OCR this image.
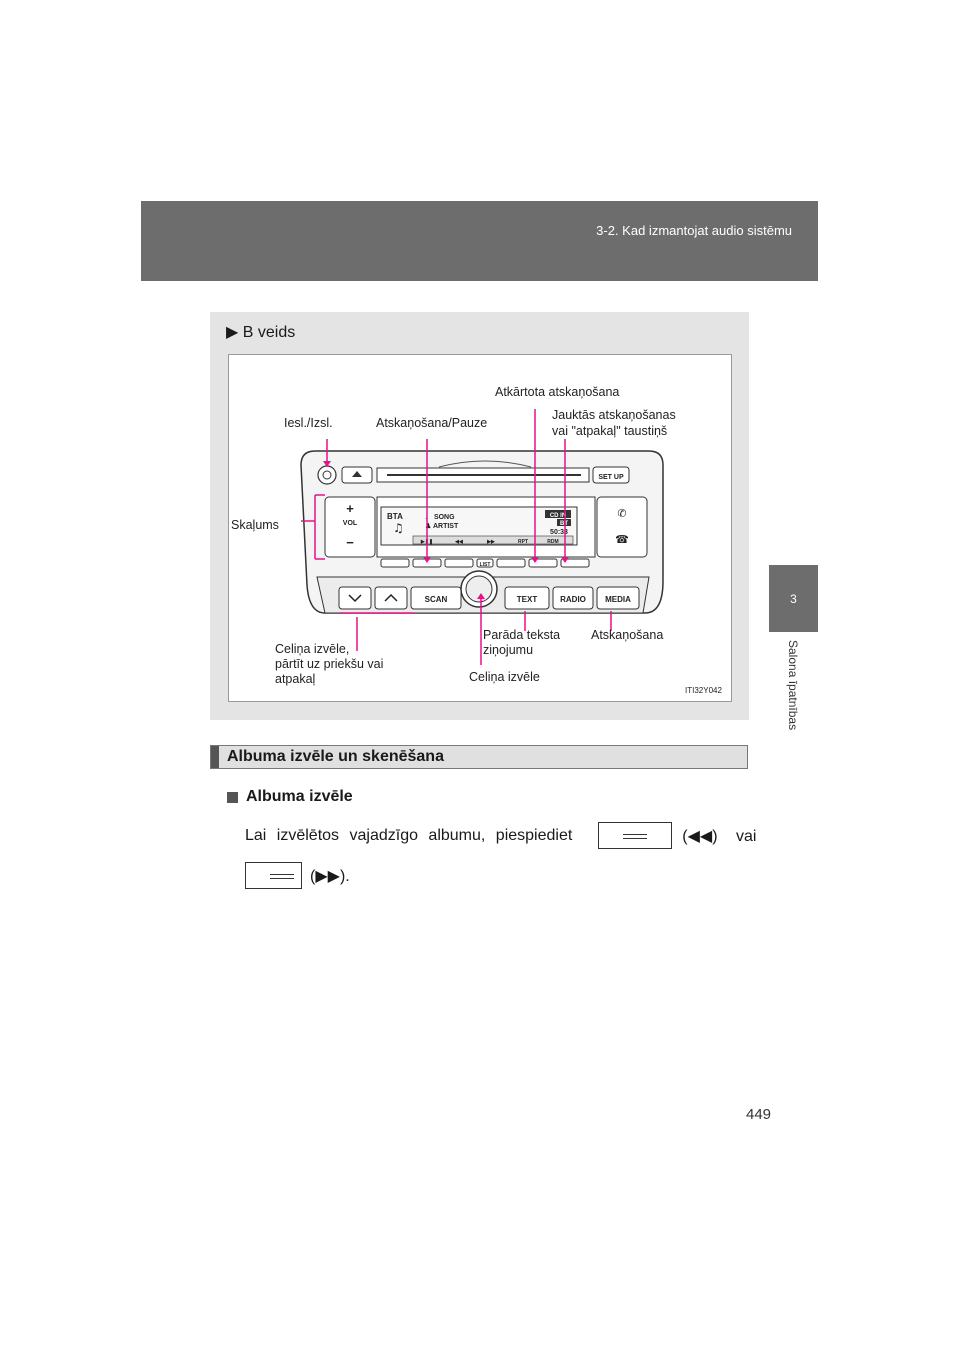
3-2. Kad izmantojat audio sistēmu
3
Salona īpatnības
▶ B veids
SET UP
+
VOL
−
BTA	♩ SONG
♟ ARTIST
♫
CD IN
BT
50:33
▶❚❚	◀◀	▶▶	RPT	RDM
✆
☎
LIST
SCAN	TEXT	RADIO MEDIA
Atkārtota atskaņošana
Iesl./Izsl.	Atskaņošana/Pauze
Jauktās atskaņošanas
vai "atpakaļ" taustiņš
Skaļums
Celiņa izvēle,
pārtīt uz priekšu vai
atpakaļ
Parāda teksta
ziņojumu
Atskaņošana
Celiņa izvēle
ITI32Y042
Albuma izvēle un skenēšana
Albuma izvēle
Lai izvēlētos vajadzīgo albumu, piespiediet	(◀◀) vai
(▶▶).
449
